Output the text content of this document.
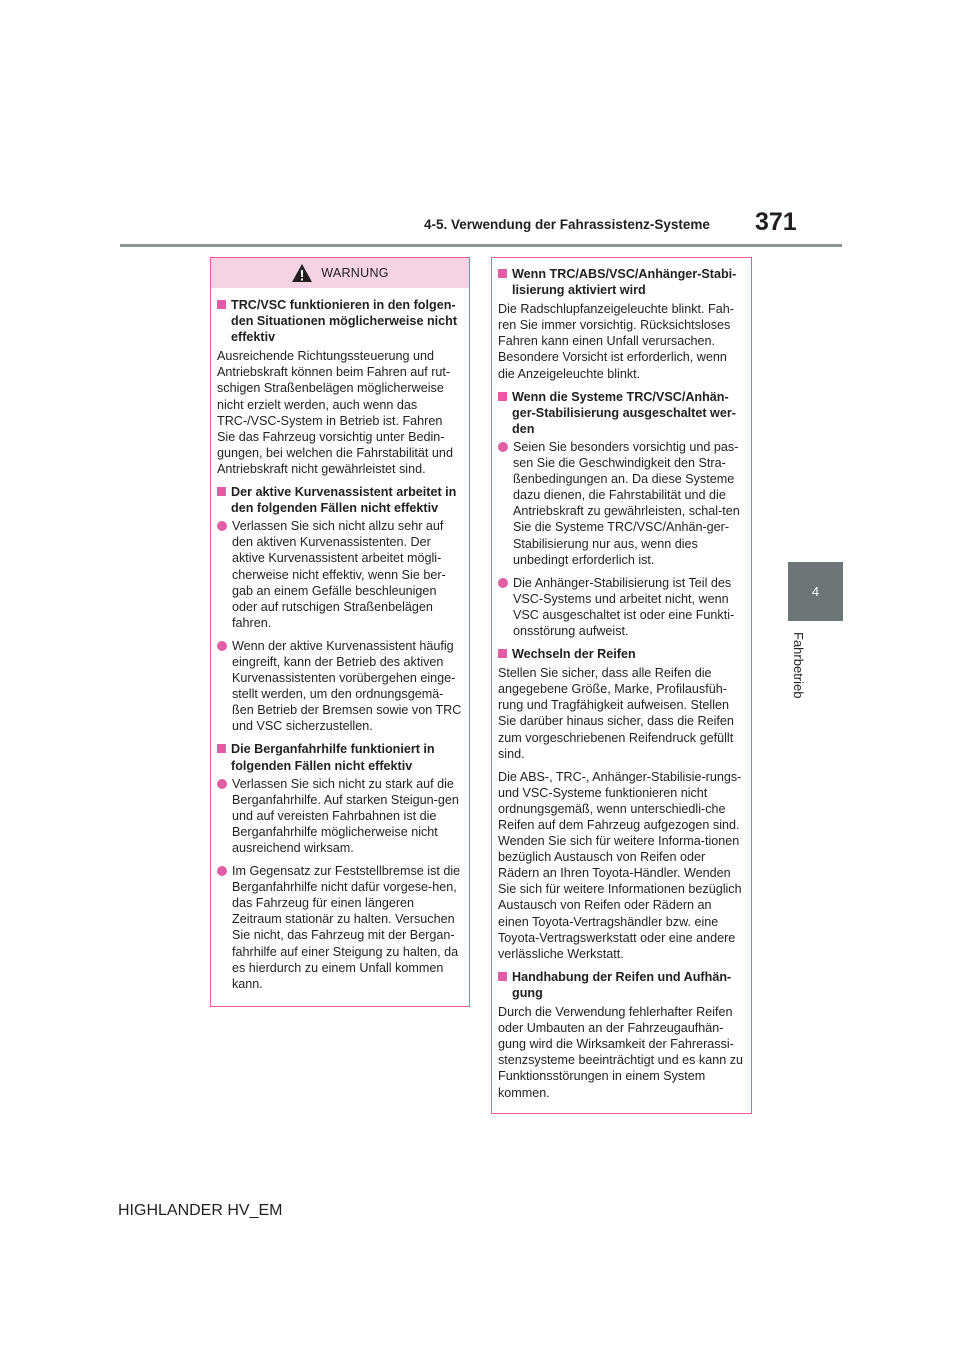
4-5. Verwendung der Fahrassistenz-Systeme 371
4
Fahrbetrieb
WARNUNG
TRC/VSC funktionieren in den folgen-den Situationen möglicherweise nicht effektiv
Ausreichende Richtungssteuerung und Antriebskraft können beim Fahren auf rut-schigen Straßenbelägen möglicherweise nicht erzielt werden, auch wenn das TRC-/VSC-System in Betrieb ist. Fahren Sie das Fahrzeug vorsichtig unter Bedin-gungen, bei welchen die Fahrstabilität und Antriebskraft nicht gewährleistet sind.
Der aktive Kurvenassistent arbeitet in den folgenden Fällen nicht effektiv
Verlassen Sie sich nicht allzu sehr auf den aktiven Kurvenassistenten. Der aktive Kurvenassistent arbeitet mögli-cherweise nicht effektiv, wenn Sie ber-gab an einem Gefälle beschleunigen oder auf rutschigen Straßenbelägen fahren.
Wenn der aktive Kurvenassistent häufig eingreift, kann der Betrieb des aktiven Kurvenassistenten vorübergehen einge-stellt werden, um den ordnungsgemä-ßen Betrieb der Bremsen sowie von TRC und VSC sicherzustellen.
Die Berganfahrhilfe funktioniert in folgenden Fällen nicht effektiv
Verlassen Sie sich nicht zu stark auf die Berganfahrhilfe. Auf starken Steigun-gen und auf vereisten Fahrbahnen ist die Berganfahrhilfe möglicherweise nicht ausreichend wirksam.
Im Gegensatz zur Feststellbremse ist die Berganfahrhilfe nicht dafür vorgese-hen, das Fahrzeug für einen längeren Zeitraum stationär zu halten. Versuchen Sie nicht, das Fahrzeug mit der Bergan-fahrhilfe auf einer Steigung zu halten, da es hierdurch zu einem Unfall kommen kann.
Wenn TRC/ABS/VSC/Anhänger-Stabi-lisierung aktiviert wird
Die Radschlupfanzeigeleuchte blinkt. Fah-ren Sie immer vorsichtig. Rücksichtsloses Fahren kann einen Unfall verursachen. Besondere Vorsicht ist erforderlich, wenn die Anzeigeleuchte blinkt.
Wenn die Systeme TRC/VSC/Anhän-ger-Stabilisierung ausgeschaltet wer-den
Seien Sie besonders vorsichtig und pas-sen Sie die Geschwindigkeit den Stra-ßenbedingungen an. Da diese Systeme dazu dienen, die Fahrstabilität und die Antriebskraft zu gewährleisten, schal-ten Sie die Systeme TRC/VSC/Anhän-ger-Stabilisierung nur aus, wenn dies unbedingt erforderlich ist.
Die Anhänger-Stabilisierung ist Teil des VSC-Systems und arbeitet nicht, wenn VSC ausgeschaltet ist oder eine Funkti-onsstörung aufweist.
Wechseln der Reifen
Stellen Sie sicher, dass alle Reifen die angegebene Größe, Marke, Profilausfüh-rung und Tragfähigkeit aufweisen. Stellen Sie darüber hinaus sicher, dass die Reifen zum vorgeschriebenen Reifendruck gefüllt sind.
Die ABS-, TRC-, Anhänger-Stabilisie-rungs- und VSC-Systeme funktionieren nicht ordnungsgemäß, wenn unterschiedli-che Reifen auf dem Fahrzeug aufgezogen sind. Wenden Sie sich für weitere Informa-tionen bezüglich Austausch von Reifen oder Rädern an Ihren Toyota-Händler. Wenden Sie sich für weitere Informationen bezüglich Austausch von Reifen oder Rädern an einen Toyota-Vertragshändler bzw. eine Toyota-Vertragswerkstatt oder eine andere verlässliche Werkstatt.
Handhabung der Reifen und Aufhän-gung
Durch die Verwendung fehlerhafter Reifen oder Umbauten an der Fahrzeugaufhän-gung wird die Wirksamkeit der Fahrerassi-stenzsysteme beeinträchtigt und es kann zu Funktionsstörungen in einem System kommen.
HIGHLANDER HV_EM
